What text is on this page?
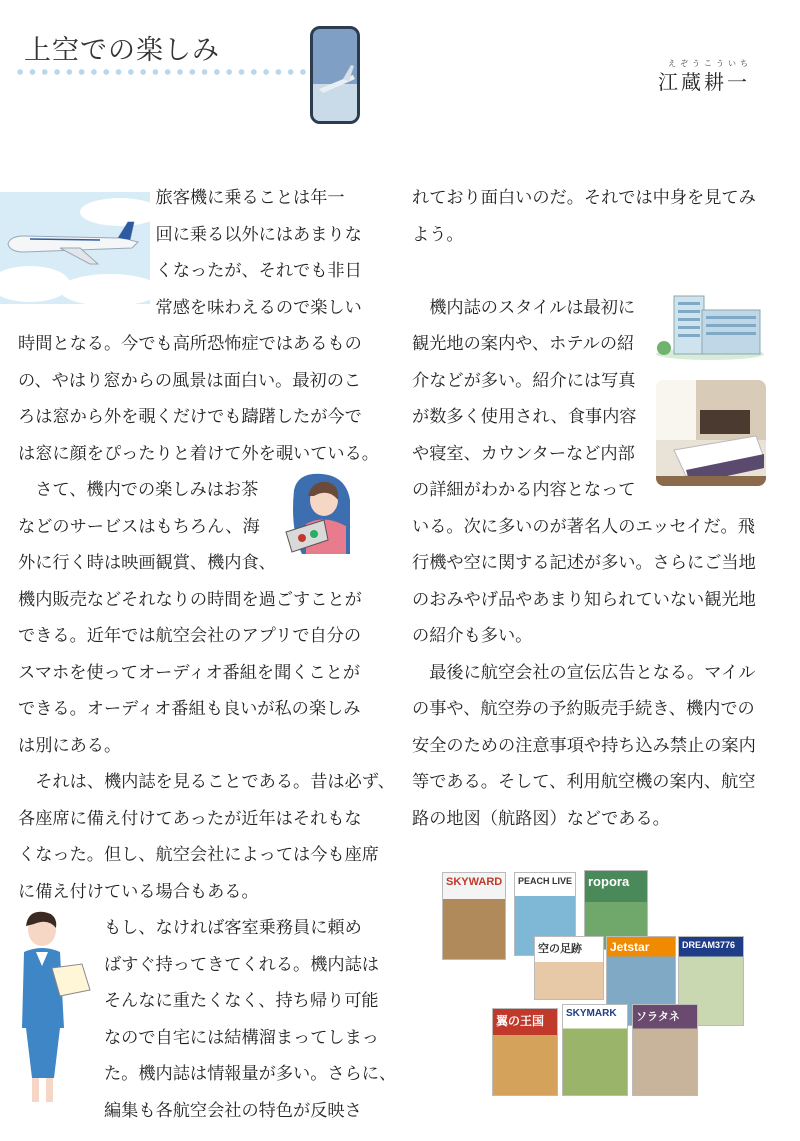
上空での楽しみ	えぞうこういち
江蔵耕一
SKYWARD PEACH LIVE ropora
空の足跡 Jetstar	DREAM3776
翼の王国
SKYMARK ソラタネ

　　　　　　　　旅客機に乗ることは年一

　　　　　　　　回に乗る以外にはあまりな

　　　　　　　　くなったが、それでも非日

　　　　　　　　常感を味わえるので楽しい

時間となる。今でも高所恐怖症ではあるもの

の、やはり窓からの風景は面白い。最初のこ

ろは窓から外を覗くだけでも躊躇したが今で

は窓に顔をぴったりと着けて外を覗いている。

　さて、機内での楽しみはお茶

などのサービスはもちろん、海

外に行く時は映画観賞、機内食、

機内販売などそれなりの時間を過ごすことが

できる。近年では航空会社のアプリで自分の

スマホを使ってオーディオ番組を聞くことが

できる。オーディオ番組も良いが私の楽しみ

は別にある。

　それは、機内誌を見ることである。昔は必ず、

各座席に備え付けてあったが近年はそれもな

くなった。但し、航空会社によっては今も座席

に備え付けている場合もある。

　　　　　もし、なければ客室乗務員に頼め

　　　　　ばすぐ持ってきてくれる。機内誌は

　　　　　そんなに重たくなく、持ち帰り可能

　　　　　なので自宅には結構溜まってしまっ

　　　　　た。機内誌は情報量が多い。さらに、

　　　　　編集も各航空会社の特色が反映さ

れており面白いのだ。それでは中身を見てみ

よう。

　機内誌のスタイルは最初に

観光地の案内や、ホテルの紹

介などが多い。紹介には写真

が数多く使用され、食事内容

や寝室、カウンターなど内部

の詳細がわかる内容となって

いる。次に多いのが著名人のエッセイだ。飛

行機や空に関する記述が多い。さらにご当地

のおみやげ品やあまり知られていない観光地

の紹介も多い。

　最後に航空会社の宣伝広告となる。マイル

の事や、航空券の予約販売手続き、機内での

安全のための注意事項や持ち込み禁止の案内

等である。そして、利用航空機の案内、航空

路の地図（航路図）などである。
